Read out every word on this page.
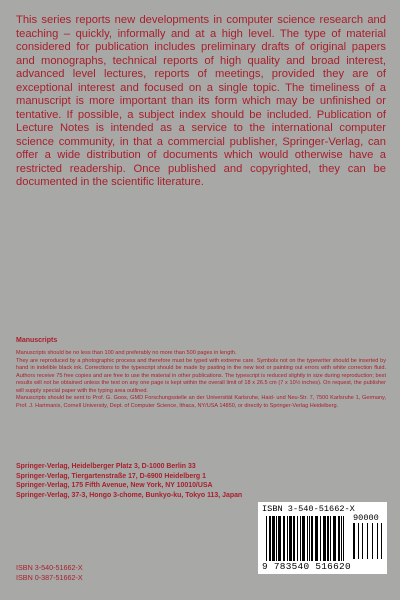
This series reports new developments in computer science research and teaching – quickly, informally and at a high level. The type of material considered for publication includes preliminary drafts of original papers and monographs, technical reports of high quality and broad interest, advanced level lectures, reports of meetings, provided they are of exceptional interest and focused on a single topic. The timeliness of a manuscript is more important than its form which may be unfinished or tentative. If possible, a subject index should be included. Publication of Lecture Notes is intended as a service to the international computer science community, in that a commercial publisher, Springer-Verlag, can offer a wide distribution of documents which would otherwise have a restricted readership. Once published and copyrighted, they can be documented in the scientific literature.

Manuscripts
Manuscripts should be no less than 100 and preferably no more than 500 pages in length.
They are reproduced by a photographic process and therefore must be typed with extreme care. Symbols not on the typewriter should be inserted by hand in indelible black ink. Corrections to the typescript should be made by pasting in the new text or painting out errors with white correction fluid. Authors receive 75 free copies and are free to use the material in other publications. The typescript is reduced slightly in size during reproduction; best results will not be obtained unless the text on any one page is kept within the overall limit of 18 x 26.5 cm (7 x 10½ inches). On request, the publisher will supply special paper with the typing area outlined.
Manuscripts should be sent to Prof. G. Goos, GMD Forschungsstelle an der Universität Karlsruhe, Haid- und Neu-Str. 7, 7500 Karlsruhe 1, Germany, Prof. J. Hartmanis, Cornell University, Dept. of Computer Science, Ithaca, NY/USA 14850, or directly to Springer-Verlag Heidelberg.
Springer-Verlag, Heidelberger Platz 3, D-1000 Berlin 33
Springer-Verlag, Tiergartenstraße 17, D-6900 Heidelberg 1
Springer-Verlag, 175 Fifth Avenue, New York, NY 10010/USA
Springer-Verlag, 37-3, Hongo 3-chome, Bunkyo-ku, Tokyo 113, Japan
ISBN 3-540-51662-X
90000
9 783540 516620
ISBN 3-540-51662-X
ISBN 0-387-51662-X
